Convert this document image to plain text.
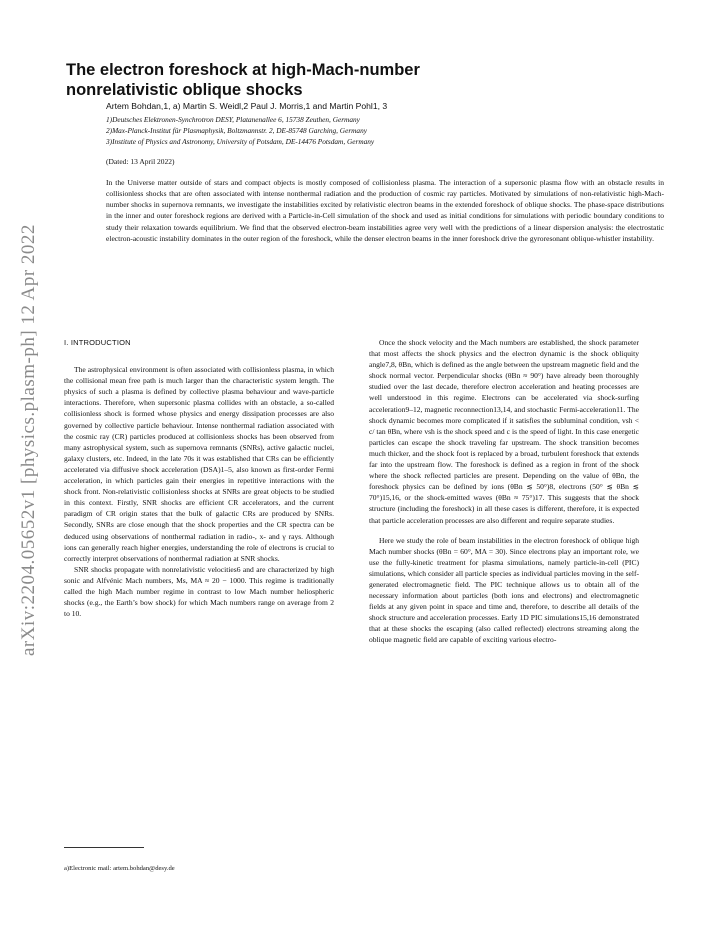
arXiv:2204.05652v1 [physics.plasm-ph] 12 Apr 2022
The electron foreshock at high-Mach-number
nonrelativistic oblique shocks
Artem Bohdan,1, a) Martin S. Weidl,2 Paul J. Morris,1 and Martin Pohl1, 3
1)Deutsches Elektronen-Synchrotron DESY, Platanenallee 6, 15738 Zeuthen, Germany
2)Max-Planck-Institut für Plasmaphysik, Boltzmannstr. 2, DE-85748 Garching, Germany
3)Institute of Physics and Astronomy, University of Potsdam, DE-14476 Potsdam, Germany
(Dated: 13 April 2022)

In the Universe matter outside of stars and compact objects is mostly composed of collisionless plasma. The interaction of a supersonic plasma flow with an obstacle results in collisionless shocks that are often associated with intense nonthermal radiation and the production of cosmic ray particles. Motivated by simulations of non-relativistic high-Mach-number shocks in supernova remnants, we investigate the instabilities excited by relativistic electron beams in the extended foreshock of oblique shocks. The phase-space distributions in the inner and outer foreshock regions are derived with a Particle-in-Cell simulation of the shock and used as initial conditions for simulations with periodic boundary conditions to study their relaxation towards equilibrium. We find that the observed electron-beam instabilities agree very well with the predictions of a linear dispersion analysis: the electrostatic electron-acoustic instability dominates in the outer region of the foreshock, while the denser electron beams in the inner foreshock drive the gyroresonant oblique-whistler instability.

I. INTRODUCTION

The astrophysical environment is often associated with collisionless plasma, in which the collisional mean free path is much larger than the characteristic system length. The physics of such a plasma is defined by collective plasma behaviour and wave-particle interactions. Therefore, when supersonic plasma collides with an obstacle, a so-called collisionless shock is formed whose physics and energy dissipation processes are also governed by collective particle behaviour. Intense nonthermal radiation associated with the cosmic ray (CR) particles produced at collisionless shocks has been observed from many astrophysical system, such as supernova remnants (SNRs), active galactic nuclei, galaxy clusters, etc. Indeed, in the late 70s it was established that CRs can be efficiently accelerated via diffusive shock acceleration (DSA)1–5, also known as first-order Fermi acceleration, in which particles gain their energies in repetitive interactions with the shock front. Non-relativistic collisionless shocks at SNRs are great objects to be studied in this context. Firstly, SNR shocks are efficient CR accelerators, and the current paradigm of CR origin states that the bulk of galactic CRs are produced by SNRs. Secondly, SNRs are close enough that the shock properties and the CR spectra can be deduced using observations of nonthermal radiation in radio-, x- and γ rays. Although ions can generally reach higher energies, understanding the role of electrons is crucial to correctly interpret observations of nonthermal radiation at SNR shocks.

SNR shocks propagate with nonrelativistic velocities6 and are characterized by high sonic and Alfvénic Mach numbers, Ms, MA ≈ 20 − 1000. This regime is traditionally called the high Mach number regime in contrast to low Mach number heliospheric shocks (e.g., the Earth’s bow shock) for which Mach numbers range on average from 2 to 10.

Once the shock velocity and the Mach numbers are established, the shock parameter that most affects the shock physics and the electron dynamic is the shock obliquity angle7,8, θBn, which is defined as the angle between the upstream magnetic field and the shock normal vector. Perpendicular shocks (θBn ≈ 90°) have already been thoroughly studied over the last decade, therefore electron acceleration and heating processes are well understood in this regime. Electrons can be accelerated via shock-surfing acceleration9–12, magnetic reconnection13,14, and stochastic Fermi-acceleration11. The shock dynamic becomes more complicated if it satisfies the subluminal condition, vsh < c/ tan θBn, where vsh is the shock speed and c is the speed of light. In this case energetic particles can escape the shock traveling far upstream. The shock transition becomes much thicker, and the shock foot is replaced by a broad, turbulent foreshock that extends far into the upstream flow. The foreshock is defined as a region in front of the shock where the shock reflected particles are present. Depending on the value of θBn, the foreshock physics can be defined by ions (θBn ≲ 50°)8, electrons (50° ≲ θBn ≲ 70°)15,16, or the shock-emitted waves (θBn ≈ 75°)17. This suggests that the shock structure (including the foreshock) in all these cases is different, therefore, it is expected that particle acceleration processes are also different and require separate studies.

Here we study the role of beam instabilities in the electron foreshock of oblique high Mach number shocks (θBn = 60°, MA = 30). Since electrons play an important role, we use the fully-kinetic treatment for plasma simulations, namely particle-in-cell (PIC) simulations, which consider all particle species as individual particles moving in the self-generated electromagnetic field. The PIC technique allows us to obtain all of the necessary information about particles (both ions and electrons) and electromagnetic fields at any given point in space and time and, therefore, to describe all details of the shock structure and acceleration processes. Early 1D PIC simulations15,16 demonstrated that at these shocks the escaping (also called reflected) electrons streaming along the oblique magnetic field are capable of exciting various electro-

a)Electronic mail: artem.bohdan@desy.de
